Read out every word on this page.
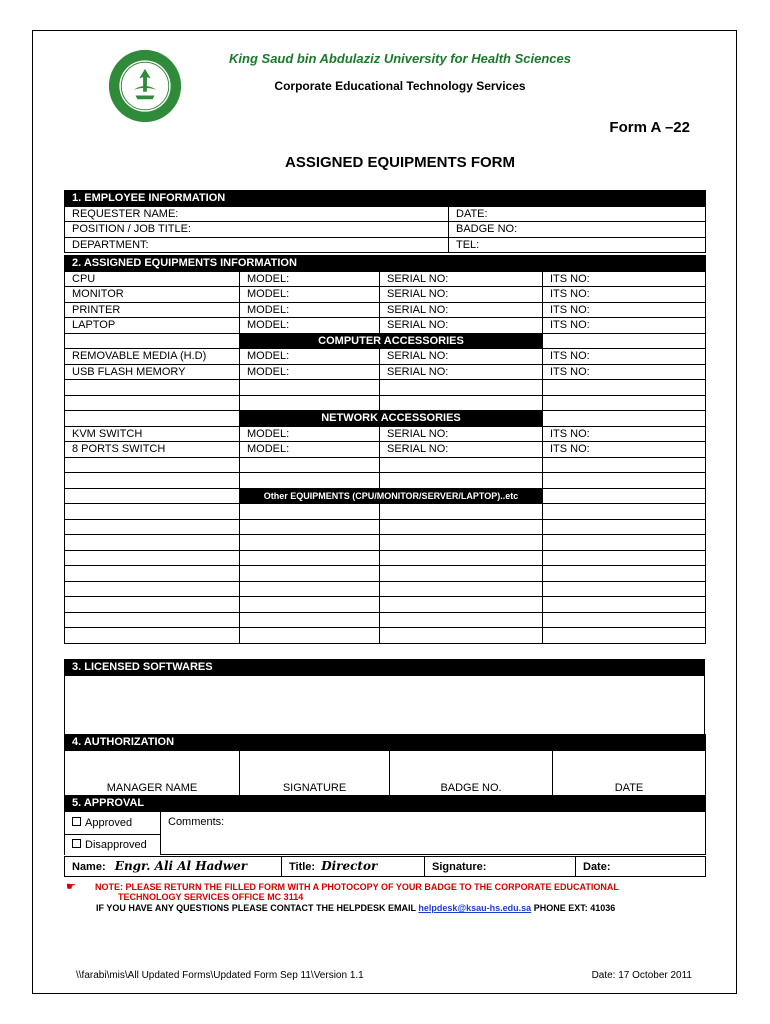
King Saud bin Abdulaziz University for Health Sciences
Corporate Educational Technology Services
Form A –22
ASSIGNED EQUIPMENTS FORM
1. EMPLOYEE INFORMATION	
REQUESTER NAME:	DATE:
POSITION / JOB TITLE:	BADGE NO:
DEPARTMENT:	TEL:
2. ASSIGNED EQUIPMENTS INFORMATION			
CPU	MODEL:	SERIAL NO:	ITS NO:
MONITOR	MODEL:	SERIAL NO:	ITS NO:
PRINTER	MODEL:	SERIAL NO:	ITS NO:
LAPTOP	MODEL:	SERIAL NO:	ITS NO:
	COMPUTER ACCESSORIES		
REMOVABLE MEDIA (H.D)	MODEL:	SERIAL NO:	ITS NO:
USB FLASH MEMORY	MODEL:	SERIAL NO:	ITS NO:

	NETWORK ACCESSORIES		
KVM SWITCH	MODEL:	SERIAL NO:	ITS NO:
8 PORTS SWITCH	MODEL:	SERIAL NO:	ITS NO:

	Other EQUIPMENTS (CPU/MONITOR/SERVER/LAPTOP)..etc		

3. LICENSED SOFTWARES

4. AUTHORIZATION
MANAGER NAME	SIGNATURE	BADGE NO.	DATE
5. APPROVAL
Approved	Comments:
Disapproved
Name: Engr. Ali Al Hadwer	Title: Director	Signature:	Date:
☛	NOTE: PLEASE RETURN THE FILLED FORM WITH A PHOTOCOPY OF YOUR BADGE TO THE CORPORATE EDUCATIONAL
TECHNOLOGY SERVICES OFFICE MC 3114
IF YOU HAVE ANY QUESTIONS PLEASE CONTACT THE HELPDESK EMAIL helpdesk@ksau-hs.edu.sa PHONE EXT: 41036
\\farabi\mis\All Updated Forms\Updated Form Sep 11\Version 1.1	Date: 17 October 2011
